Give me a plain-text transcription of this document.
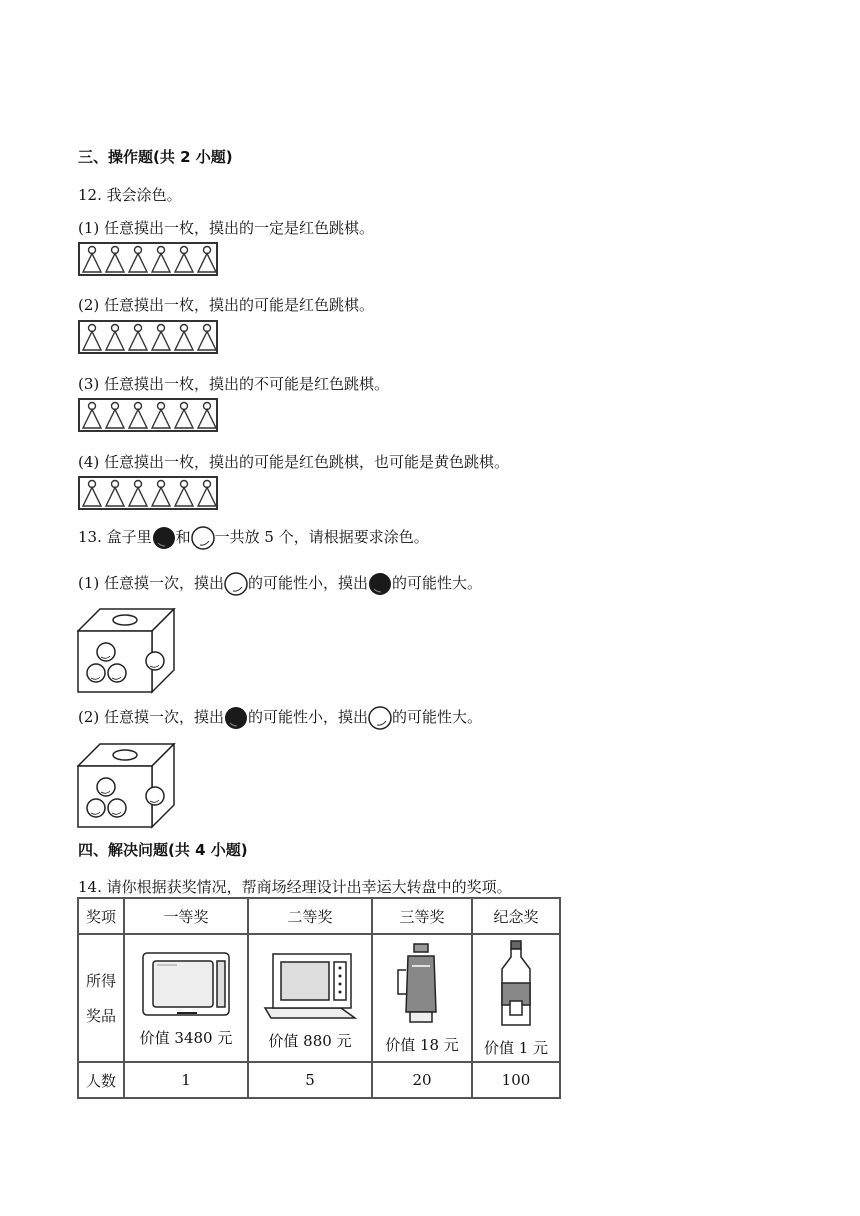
三、操作题(共 2 小题)
12. 我会涂色。
(1) 任意摸出一枚，摸出的一定是红色跳棋。
(2) 任意摸出一枚，摸出的可能是红色跳棋。
(3) 任意摸出一枚，摸出的不可能是红色跳棋。
(4) 任意摸出一枚，摸出的可能是红色跳棋，也可能是黄色跳棋。
13. 盒子里 和 一共放 5 个，请根据要求涂色。
(1) 任意摸一次，摸出 的可能性小，摸出 的可能性大。
(2) 任意摸一次，摸出 的可能性小，摸出 的可能性大。
四、解决问题(共 4 小题)
14. 请你根据获奖情况，帮商场经理设计出幸运大转盘中的奖项。
奖项	一等奖	二等奖	三等奖	纪念奖

所得
奖品	价值 3480 元	价值 880 元	价值 18 元	价值 1 元

人数	1	5	20	100
